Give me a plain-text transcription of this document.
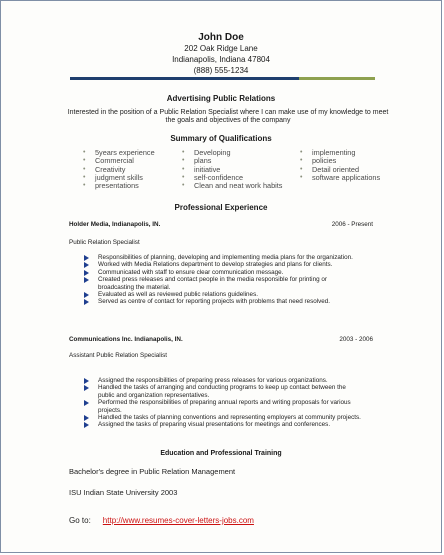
John Doe
202 Oak Ridge Lane
Indianapolis, Indiana 47804
(888) 555-1234
Advertising Public Relations
Interested in the position of a Public Relation Specialist where I can make use of my knowledge to meet the goals and objectives of the company
Summary of Qualifications
• 5years experience
• Commercial
• Creativity
• judgment skills
• presentations
• Developing
• plans
• initiative
• self-confidence
• Clean and neat work habits
• implementing
• policies
• Detail oriented
• software applications
Professional Experience
Holder Media, Indianapolis, IN.	2006 - Present
Public Relation Specialist
Responsibilities of planning, developing and implementing media plans for the organization.
Worked with Media Relations department to develop strategies and plans for clients.
Communicated with staff to ensure clear communication message.
Created press releases and contact people in the media responsible for printing or broadcasting the material.
Evaluated as well as reviewed public relations guidelines.
Served as centre of contact for reporting projects with problems that need resolved.
Communications Inc. Indianapolis, IN.	2003 - 2006
Assistant Public Relation Specialist
Assigned the responsibilities of preparing press releases for various organizations.
Handled the tasks of arranging and conducting programs to keep up contact between the public and organization representatives.
Performed the responsibilities of preparing annual reports and writing proposals for various projects.
Handled the tasks of planning conventions and representing employers at community projects.
Assigned the tasks of preparing visual presentations for meetings and conferences.
Education and Professional Training
Bachelor's degree in Public Relation Management
ISU Indian State University 2003
Go to: http://www.resumes-cover-letters-jobs.com
